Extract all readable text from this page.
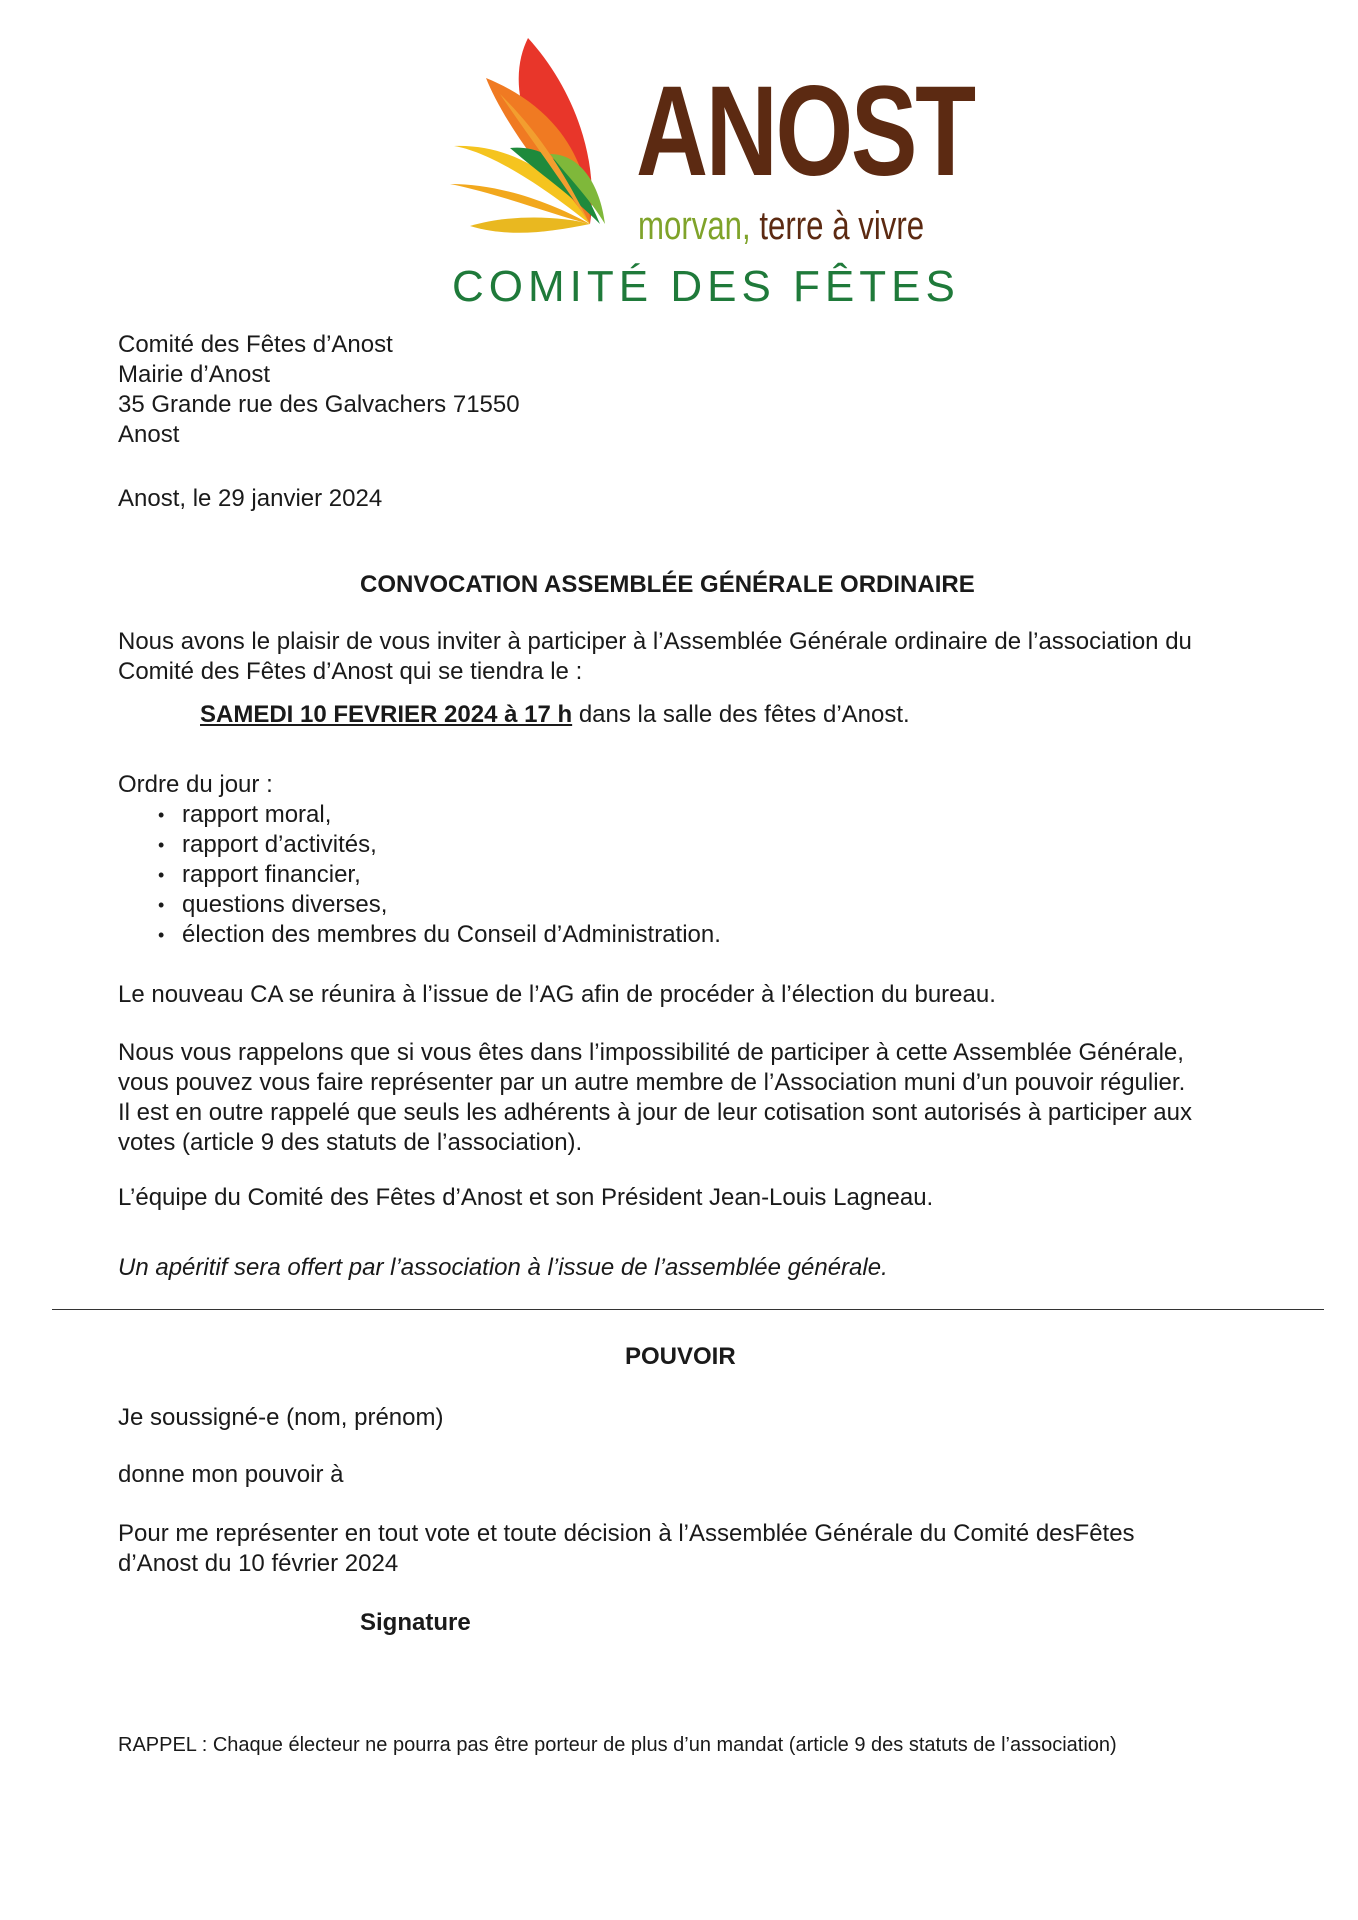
ANOST
morvan, terre à vivre
COMITÉ DES FÊTES
Comité des Fêtes d’Anost
Mairie d’Anost
35 Grande rue des Galvachers 71550
Anost
Anost, le 29 janvier 2024
CONVOCATION ASSEMBLÉE GÉNÉRALE ORDINAIRE
Nous avons le plaisir de vous inviter à participer à l’Assemblée Générale ordinaire de l’association du
Comité des Fêtes d’Anost qui se tiendra le :
SAMEDI 10 FEVRIER 2024 à 17 h dans la salle des fêtes d’Anost.
Ordre du jour :
• rapport moral,
• rapport d’activités,
• rapport financier,
• questions diverses,
• élection des membres du Conseil d’Administration.
Le nouveau CA se réunira à l’issue de l’AG afin de procéder à l’élection du bureau.
Nous vous rappelons que si vous êtes dans l’impossibilité de participer à cette Assemblée Générale,
vous pouvez vous faire représenter par un autre membre de l’Association muni d’un pouvoir régulier.
Il est en outre rappelé que seuls les adhérents à jour de leur cotisation sont autorisés à participer aux
votes (article 9 des statuts de l’association).
L’équipe du Comité des Fêtes d’Anost et son Président Jean-Louis Lagneau.
Un apéritif sera offert par l’association à l’issue de l’assemblée générale.
POUVOIR
Je soussigné-e (nom, prénom)
donne mon pouvoir à
Pour me représenter en tout vote et toute décision à l’Assemblée Générale du Comité desFêtes
d’Anost du 10 février 2024
Signature
RAPPEL : Chaque électeur ne pourra pas être porteur de plus d’un mandat (article 9 des statuts de l’association)
